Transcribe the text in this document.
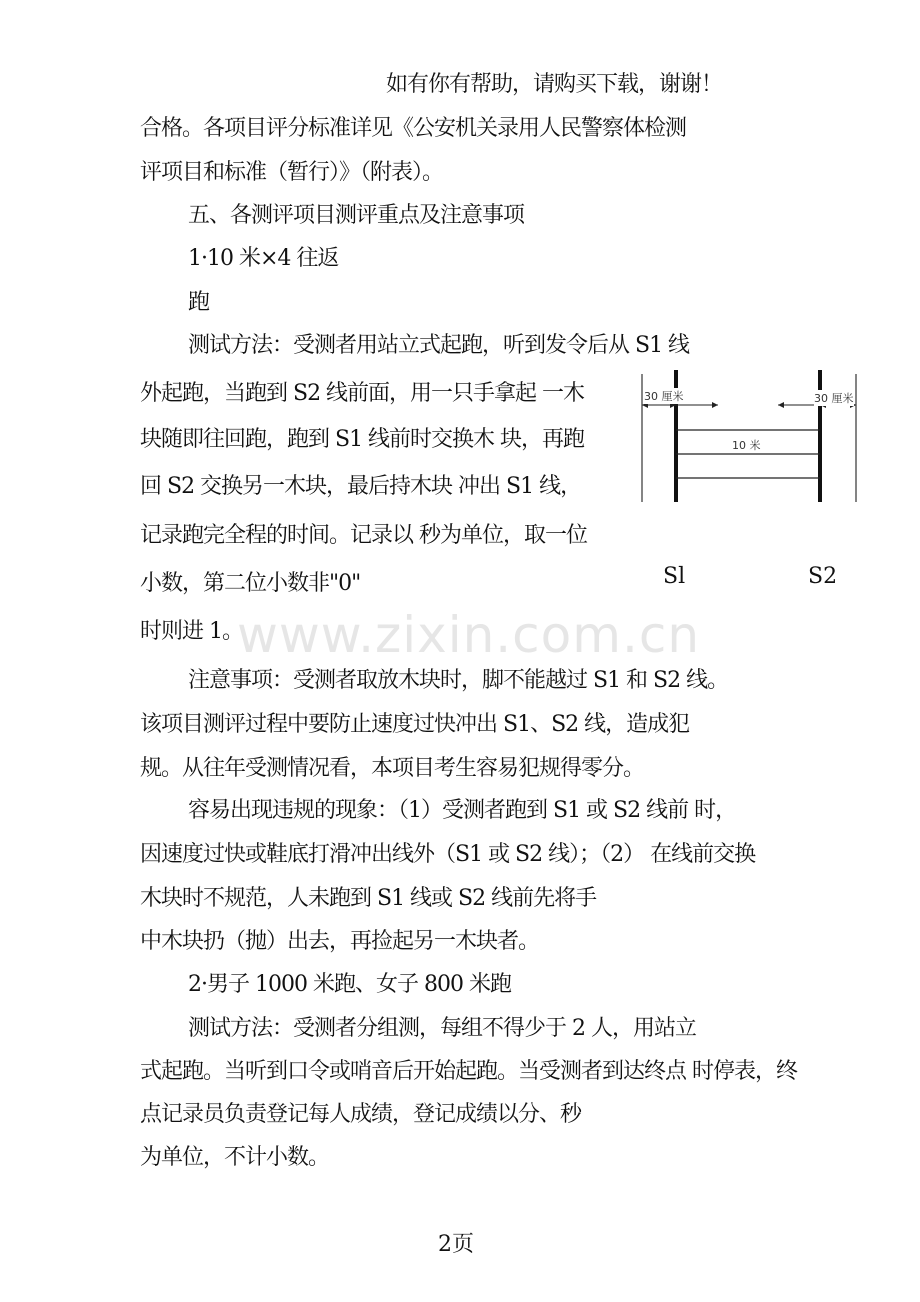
如有你有帮助，请购买下载，谢谢！
合格。各项目评分标准详见《公安机关录用人民警察体检测
评项目和标准（暂行）》（附表）。
五、各测评项目测评重点及注意事项
1·10 米×4 往返
跑
测试方法：受测者用站立式起跑，听到发令后从 S1 线
外起跑，当跑到 S2 线前面，用一只手拿起 一木
块随即往回跑，跑到 S1 线前时交换木 块，再跑
回 S2 交换另一木块，最后持木块 冲出 S1 线，
记录跑完全程的时间。记录以 秒为单位，取一位
小数，第二位小数非"0"
时则进 1。
注意事项：受测者取放木块时，脚不能越过 S1 和 S2 线。
该项目测评过程中要防止速度过快冲出 S1、S2 线，造成犯
规。从往年受测情况看，本项目考生容易犯规得零分。
容易出现违规的现象：（1）受测者跑到 S1 或 S2 线前 时，
因速度过快或鞋底打滑冲出线外（S1 或 S2 线）；（2） 在线前交换
木块时不规范，人未跑到 S1 线或 S2 线前先将手
中木块扔（抛）出去，再捡起另一木块者。
2·男子 1000 米跑、女子 800 米跑
测试方法：受测者分组测，每组不得少于 2 人，用站立
式起跑。当听到口令或哨音后开始起跑。当受测者到达终点 时停表，终
点记录员负责登记每人成绩，登记成绩以分、秒
为单位，不计小数。
30 厘米	30 厘米
10 米
Sl	S2
www.zixin.com.cn
2页
